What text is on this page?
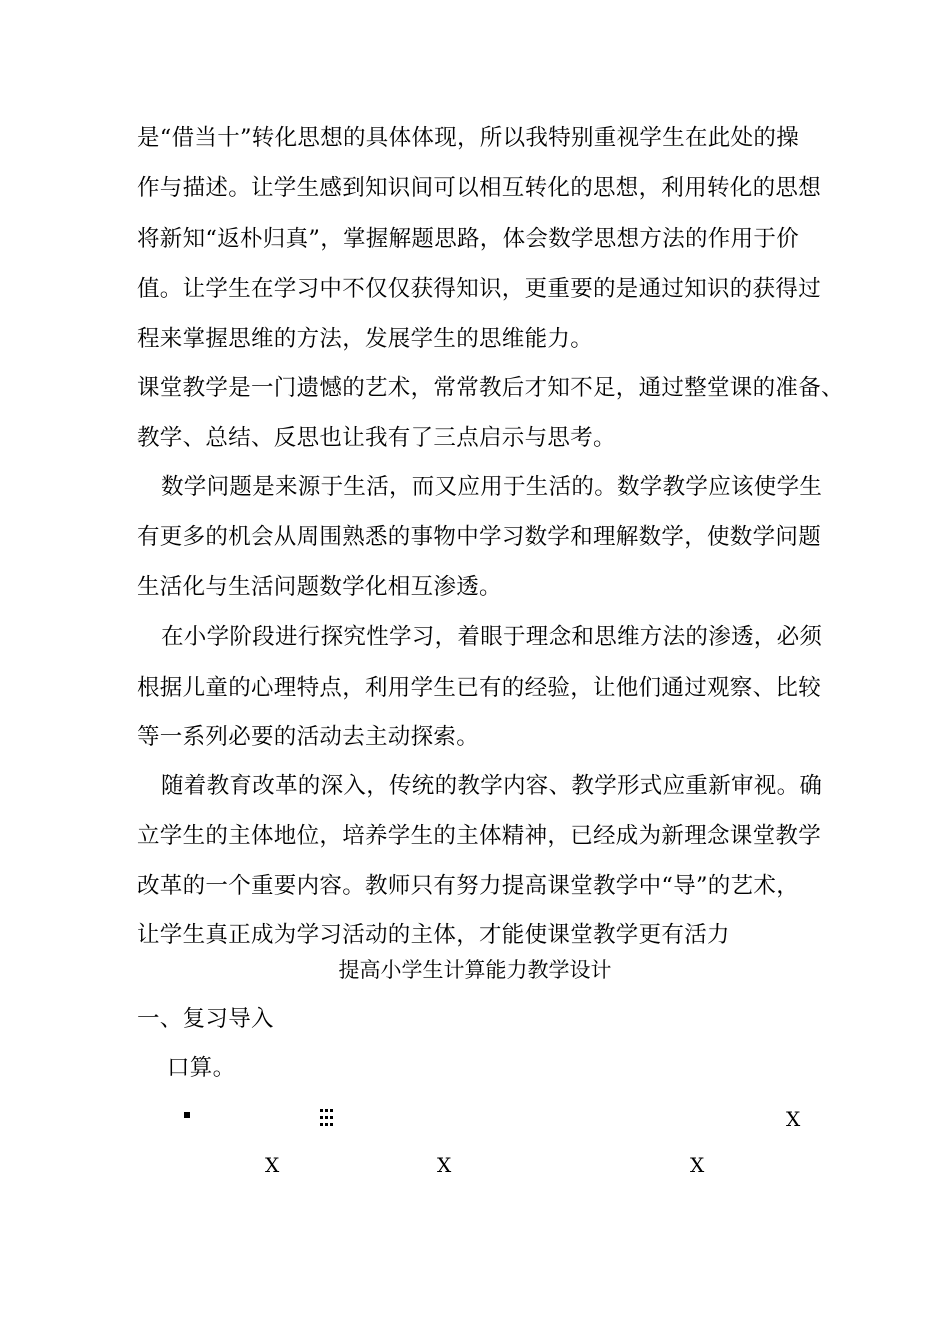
是“借当十”转化思想的具体体现，所以我特别重视学生在此处的操
作与描述。让学生感到知识间可以相互转化的思想，利用转化的思想
将新知“返朴归真”，掌握解题思路，体会数学思想方法的作用于价
值。让学生在学习中不仅仅获得知识，更重要的是通过知识的获得过
程来掌握思维的方法，发展学生的思维能力。
课堂教学是一门遗憾的艺术，常常教后才知不足，通过整堂课的准备、
教学、总结、反思也让我有了三点启示与思考。
数学问题是来源于生活，而又应用于生活的。数学教学应该使学生
有更多的机会从周围熟悉的事物中学习数学和理解数学，使数学问题
生活化与生活问题数学化相互渗透。
在小学阶段进行探究性学习，着眼于理念和思维方法的渗透，必须
根据儿童的心理特点，利用学生已有的经验，让他们通过观察、比较
等一系列必要的活动去主动探索。
随着教育改革的深入，传统的教学内容、教学形式应重新审视。确
立学生的主体地位，培养学生的主体精神，已经成为新理念课堂教学
改革的一个重要内容。教师只有努力提高课堂教学中“导”的艺术，
让学生真正成为学习活动的主体，才能使课堂教学更有活力
提高小学生计算能力教学设计
一、复习导入
口算。
X
X	X	X
